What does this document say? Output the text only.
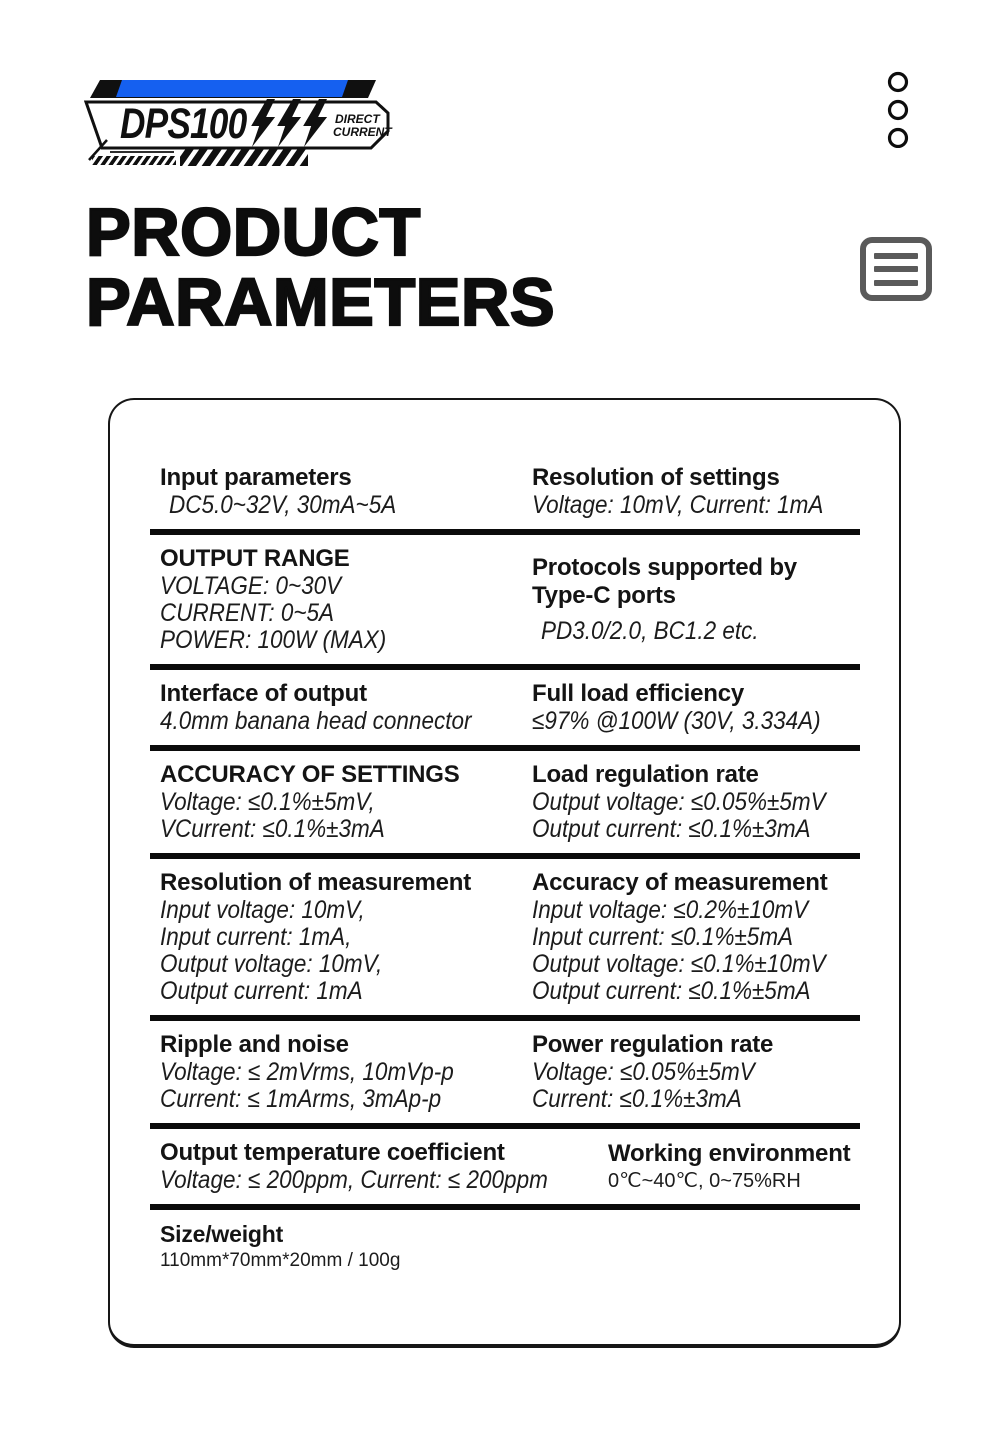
DPS100	DIRECT
CURRENT
PRODUCT
PARAMETERS
Input parameters
DC5.0~32V, 30mA~5A
Resolution of settings
Voltage: 10mV, Current: 1mA
OUTPUT RANGE
VOLTAGE: 0~30V
CURRENT: 0~5A
POWER: 100W (MAX)
Protocols supported by Type-C ports
PD3.0/2.0, BC1.2 etc.
Interface of output
4.0mm banana head connector
Full load efficiency
≤97% @100W (30V, 3.334A)
ACCURACY OF SETTINGS
Voltage: ≤0.1%±5mV,
VCurrent: ≤0.1%±3mA
Load regulation rate
Output voltage: ≤0.05%±5mV
Output current: ≤0.1%±3mA
Resolution of measurement
Input voltage: 10mV,
Input current: 1mA,
Output voltage: 10mV,
Output current: 1mA
Accuracy of measurement
Input voltage: ≤0.2%±10mV
Input current: ≤0.1%±5mA
Output voltage: ≤0.1%±10mV
Output current: ≤0.1%±5mA
Ripple and noise
Voltage: ≤ 2mVrms, 10mVp-p
Current: ≤ 1mArms, 3mAp-p
Power regulation rate
Voltage: ≤0.05%±5mV
Current: ≤0.1%±3mA
Output temperature coefficient
Voltage: ≤ 200ppm, Current: ≤ 200ppm
Working environment
0℃~40℃, 0~75%RH
Size/weight
110mm*70mm*20mm / 100g
